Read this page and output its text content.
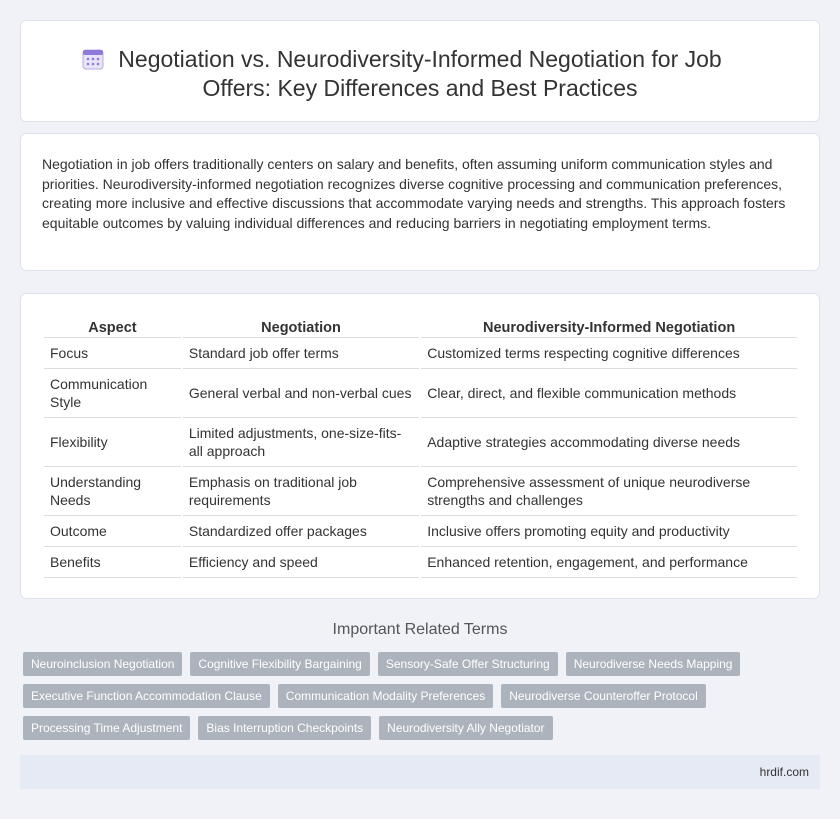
Negotiation vs. Neurodiversity-Informed Negotiation for Job Offers: Key Differences and Best Practices

Negotiation in job offers traditionally centers on salary and benefits, often assuming uniform communication styles and priorities. Neurodiversity-informed negotiation recognizes diverse cognitive processing and communication preferences, creating more inclusive and effective discussions that accommodate varying needs and strengths. This approach fosters equitable outcomes by valuing individual differences and reducing barriers in negotiating employment terms.

Aspect	Negotiation	Neurodiversity-Informed Negotiation
Focus	Standard job offer terms	Customized terms respecting cognitive differences
Communication Style	General verbal and non-verbal cues	Clear, direct, and flexible communication methods
Flexibility	Limited adjustments, one-size-fits-all approach	Adaptive strategies accommodating diverse needs
Understanding Needs	Emphasis on traditional job requirements	Comprehensive assessment of unique neurodiverse strengths and challenges
Outcome	Standardized offer packages	Inclusive offers promoting equity and productivity
Benefits	Efficiency and speed	Enhanced retention, engagement, and performance
Important Related Terms
Neuroinclusion Negotiation	Cognitive Flexibility Bargaining	Sensory-Safe Offer Structuring	Neurodiverse Needs Mapping
Executive Function Accommodation Clause	Communication Modality Preferences	Neurodiverse Counteroffer Protocol
Processing Time Adjustment	Bias Interruption Checkpoints	Neurodiversity Ally Negotiator
hrdif.com
